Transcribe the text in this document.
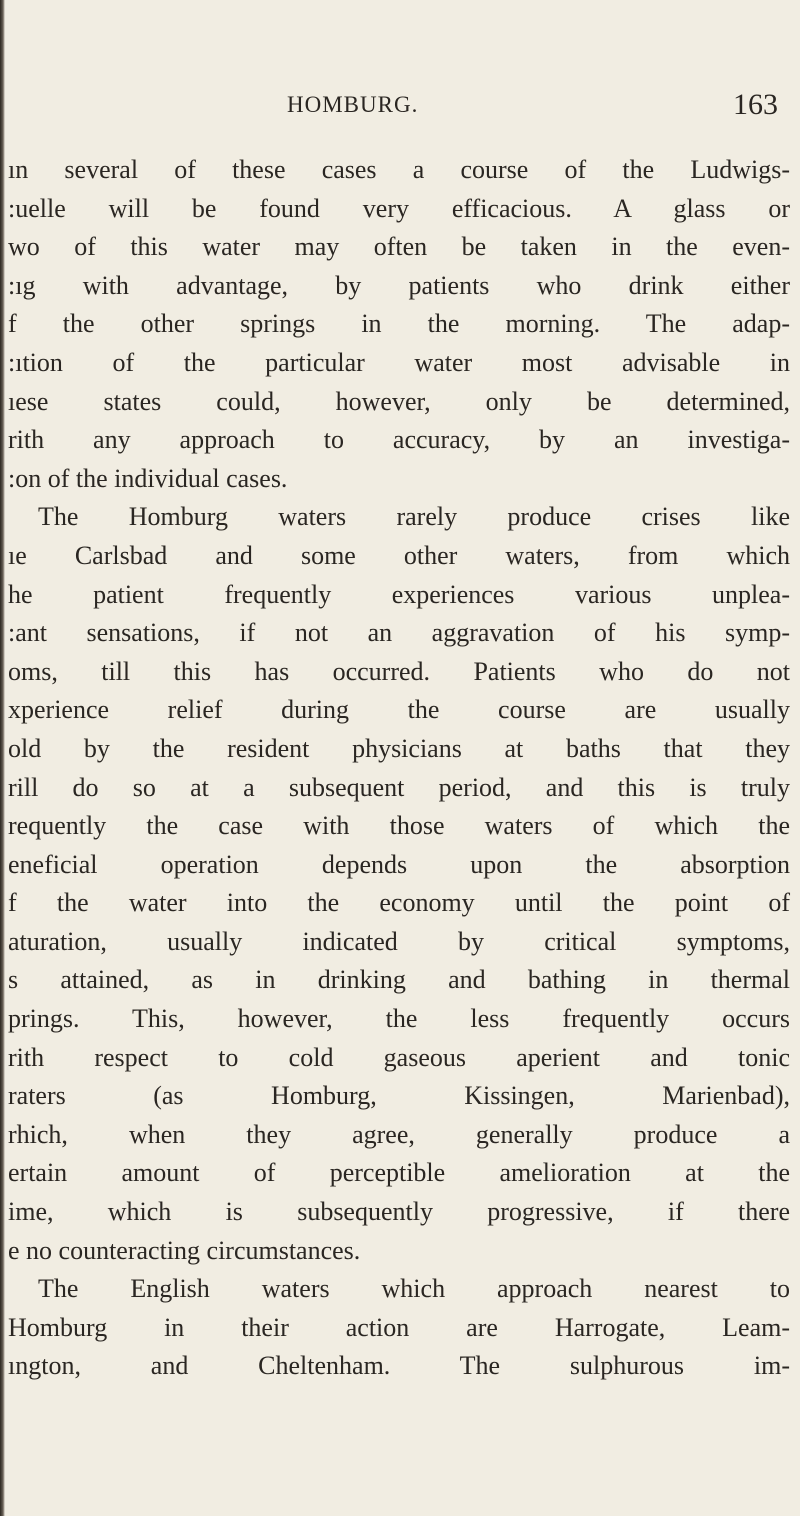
HOMBURG.	163
ın several of these cases a course of the Ludwigs-
:uelle will be found very efficacious. A glass or
wo of this water may often be taken in the even-
:ıg with advantage, by patients who drink either
f the other springs in the morning. The adap-
:ıtion of the particular water most advisable in
ıese states could, however, only be determined,
rith any approach to accuracy, by an investiga-
:on of the individual cases.
The Homburg waters rarely produce crises like
ıe Carlsbad and some other waters, from which
he patient frequently experiences various unplea-
:ant sensations, if not an aggravation of his symp-
oms, till this has occurred. Patients who do not
xperience relief during the course are usually
old by the resident physicians at baths that they
rill do so at a subsequent period, and this is truly
requently the case with those waters of which the
eneficial operation depends upon the absorption
f the water into the economy until the point of
aturation, usually indicated by critical symptoms,
s attained, as in drinking and bathing in thermal
prings. This, however, the less frequently occurs
rith respect to cold gaseous aperient and tonic
raters (as Homburg, Kissingen, Marienbad),
rhich, when they agree, generally produce a
ertain amount of perceptible amelioration at the
ime, which is subsequently progressive, if there
e no counteracting circumstances.
The English waters which approach nearest to
Homburg in their action are Harrogate, Leam-
ıngton, and Cheltenham. The sulphurous im-
